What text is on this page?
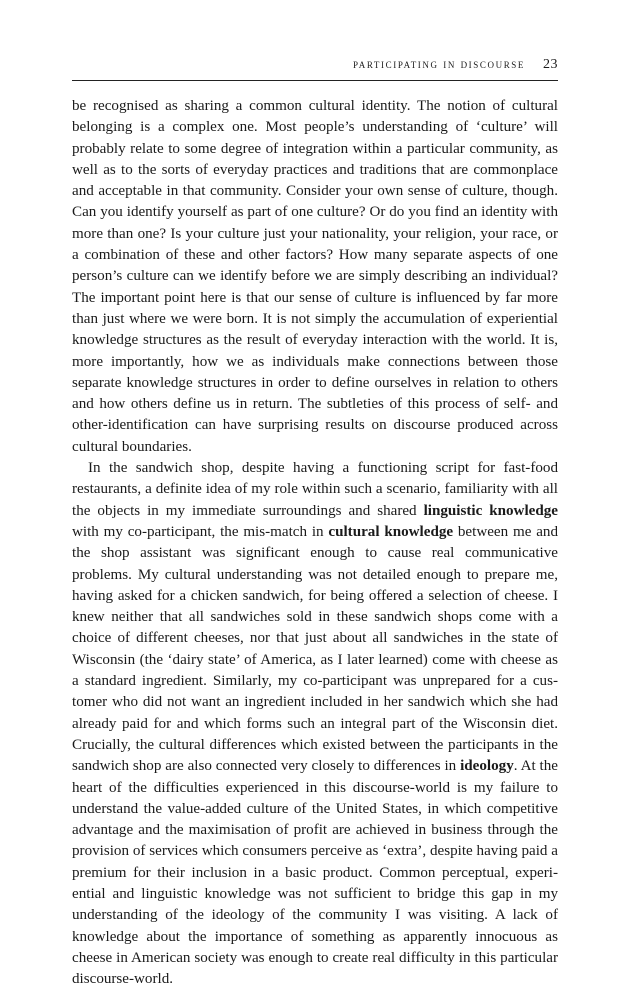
participating in discourse 23

be recognised as sharing a common cultural identity. The notion of cultural belonging is a complex one. Most people’s understanding of ‘culture’ will probably relate to some degree of integration within a particular community, as well as to the sorts of everyday practices and traditions that are commonplace and acceptable in that community. Consider your own sense of culture, though. Can you identify yourself as part of one culture? Or do you find an identity with more than one? Is your culture just your nationality, your religion, your race, or a combination of these and other factors? How many separate aspects of one person’s culture can we identify before we are simply describing an individual? The important point here is that our sense of culture is influenced by far more than just where we were born. It is not simply the accumulation of experiential knowledge structures as the result of everyday interaction with the world. It is, more importantly, how we as individuals make connections between those separate knowledge structures in order to define ourselves in relation to others and how others define us in return. The subtleties of this process of self- and other-identification can have surprising results on discourse produced across cultural boundaries.

In the sandwich shop, despite having a functioning script for fast-food restaurants, a definite idea of my role within such a scenario, familiarity with all the objects in my immediate surroundings and shared linguistic knowledge with my co-participant, the mis-match in cultural knowledge between me and the shop assistant was significant enough to cause real communicative problems. My cultural understanding was not detailed enough to prepare me, having asked for a chicken sandwich, for being offered a selection of cheese. I knew neither that all sandwiches sold in these sandwich shops come with a choice of different cheeses, nor that just about all sandwiches in the state of Wisconsin (the ‘dairy state’ of America, as I later learned) come with cheese as a standard ingredient. Similarly, my co-participant was unprepared for a customer who did not want an ingredient included in her sandwich which she had already paid for and which forms such an integral part of the Wisconsin diet. Crucially, the cultural differences which existed between the participants in the sandwich shop are also connected very closely to differences in ideology. At the heart of the difficulties experienced in this discourse-world is my failure to understand the value-added culture of the United States, in which competitive advantage and the maximisation of profit are achieved in business through the provision of services which consumers perceive as ‘extra’, despite having paid a premium for their inclusion in a basic product. Common perceptual, experiential and linguistic knowledge was not sufficient to bridge this gap in my understanding of the ideology of the community I was visiting. A lack of knowledge about the importance of something as apparently innocuous as cheese in American society was enough to create real difficulty in this particular discourse-world.
